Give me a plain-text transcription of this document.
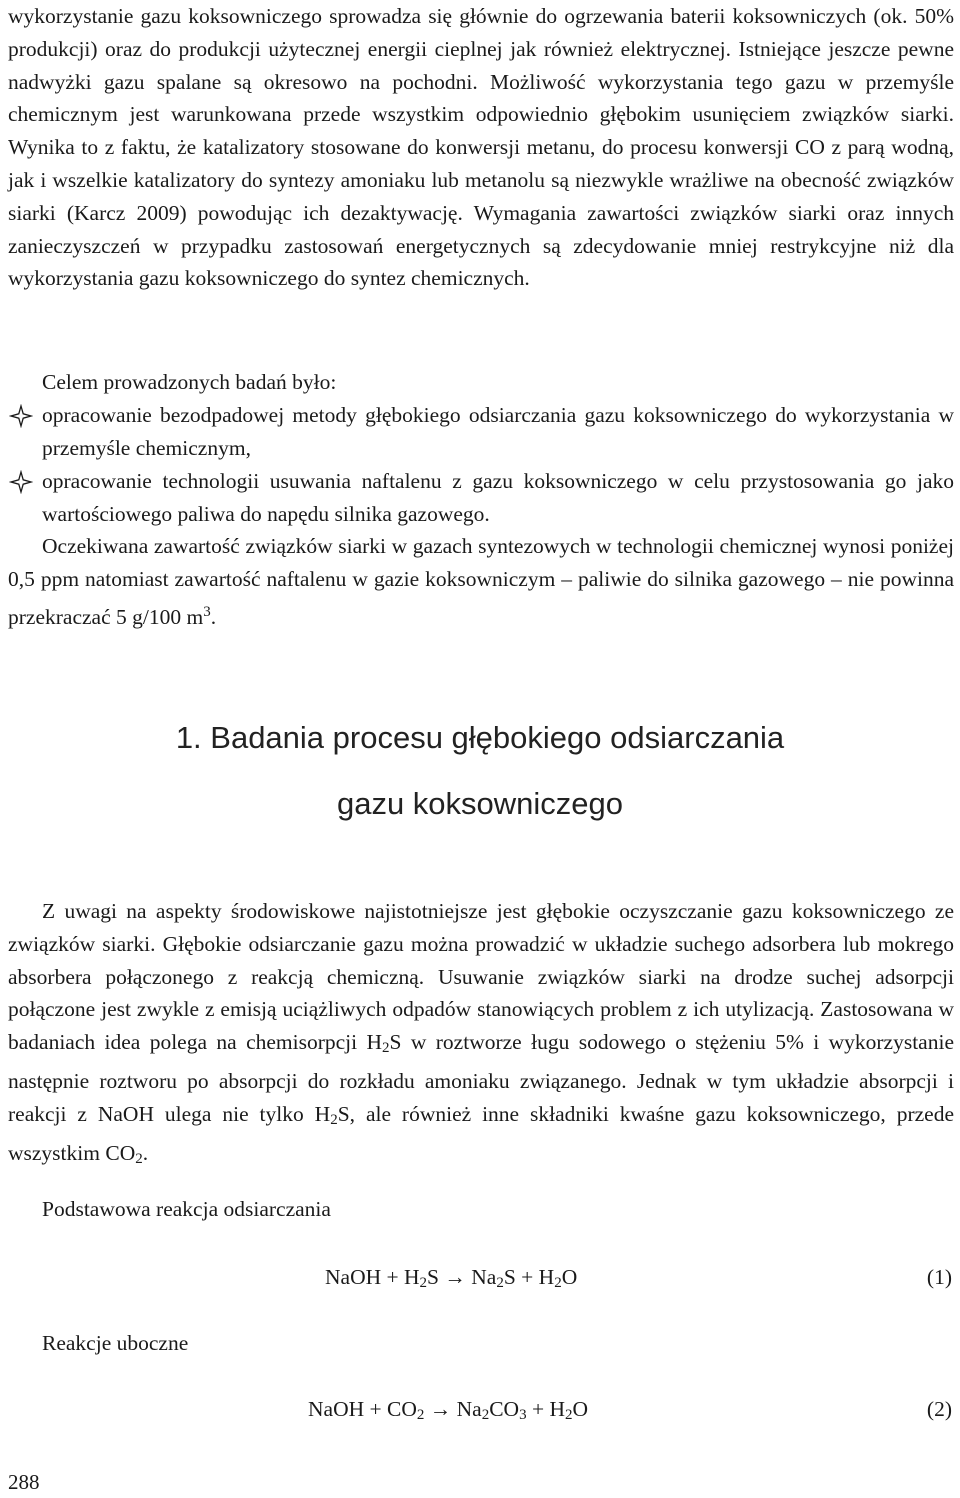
wykorzystanie gazu koksowniczego sprowadza się głównie do ogrzewania baterii koksowniczych (ok. 50% produkcji) oraz do produkcji użytecznej energii cieplnej jak również elektrycznej. Istniejące jeszcze pewne nadwyżki gazu spalane są okresowo na pochodni. Możliwość wykorzystania tego gazu w przemyśle chemicznym jest warunkowana przede wszystkim odpowiednio głębokim usunięciem związków siarki. Wynika to z faktu, że katalizatory stosowane do konwersji metanu, do procesu konwersji CO z parą wodną, jak i wszelkie katalizatory do syntezy amoniaku lub metanolu są niezwykle wrażliwe na obecność związków siarki (Karcz 2009) powodując ich dezaktywację. Wymagania zawartości związków siarki oraz innych zanieczyszczeń w przypadku zastosowań energetycznych są zdecydowanie mniej restrykcyjne niż dla wykorzystania gazu koksowniczego do syntez chemicznych.

Celem prowadzonych badań było:

opracowanie bezodpadowej metody głębokiego odsiarczania gazu koksowniczego do wykorzystania w przemyśle chemicznym,
opracowanie technologii usuwania naftalenu z gazu koksowniczego w celu przystosowania go jako wartościowego paliwa do napędu silnika gazowego.

Oczekiwana zawartość związków siarki w gazach syntezowych w technologii chemicznej wynosi poniżej 0,5 ppm natomiast zawartość naftalenu w gazie koksowniczym – paliwie do silnika gazowego – nie powinna przekraczać 5 g/100 $m^3$.

1. Badania procesu głębokiego odsiarczania
gazu koksowniczego

Z uwagi na aspekty środowiskowe najistotniejsze jest głębokie oczyszczanie gazu koksowniczego ze związków siarki. Głębokie odsiarczanie gazu można prowadzić w układzie suchego adsorbera lub mokrego absorbera połączonego z reakcją chemiczną. Usuwanie związków siarki na drodze suchej adsorpcji połączone jest zwykle z emisją uciążliwych odpadów stanowiących problem z ich utylizacją. Zastosowana w badaniach idea polega na chemisorpcji $H_2S$ w roztworze ługu sodowego o stężeniu 5% i wykorzystanie następnie roztworu po absorpcji do rozkładu amoniaku związanego. Jednak w tym układzie absorpcji i reakcji z NaOH ulega nie tylko $H_2S$, ale również inne składniki kwaśne gazu koksowniczego, przede wszystkim $CO_2$.

Podstawowa reakcja odsiarczania

NaOH + $H_2S \to Na_2S + H_2O$	(1)

Reakcje uboczne

NaOH + $CO_2 \to Na_2CO_3 + H_2O$	(2)
288
